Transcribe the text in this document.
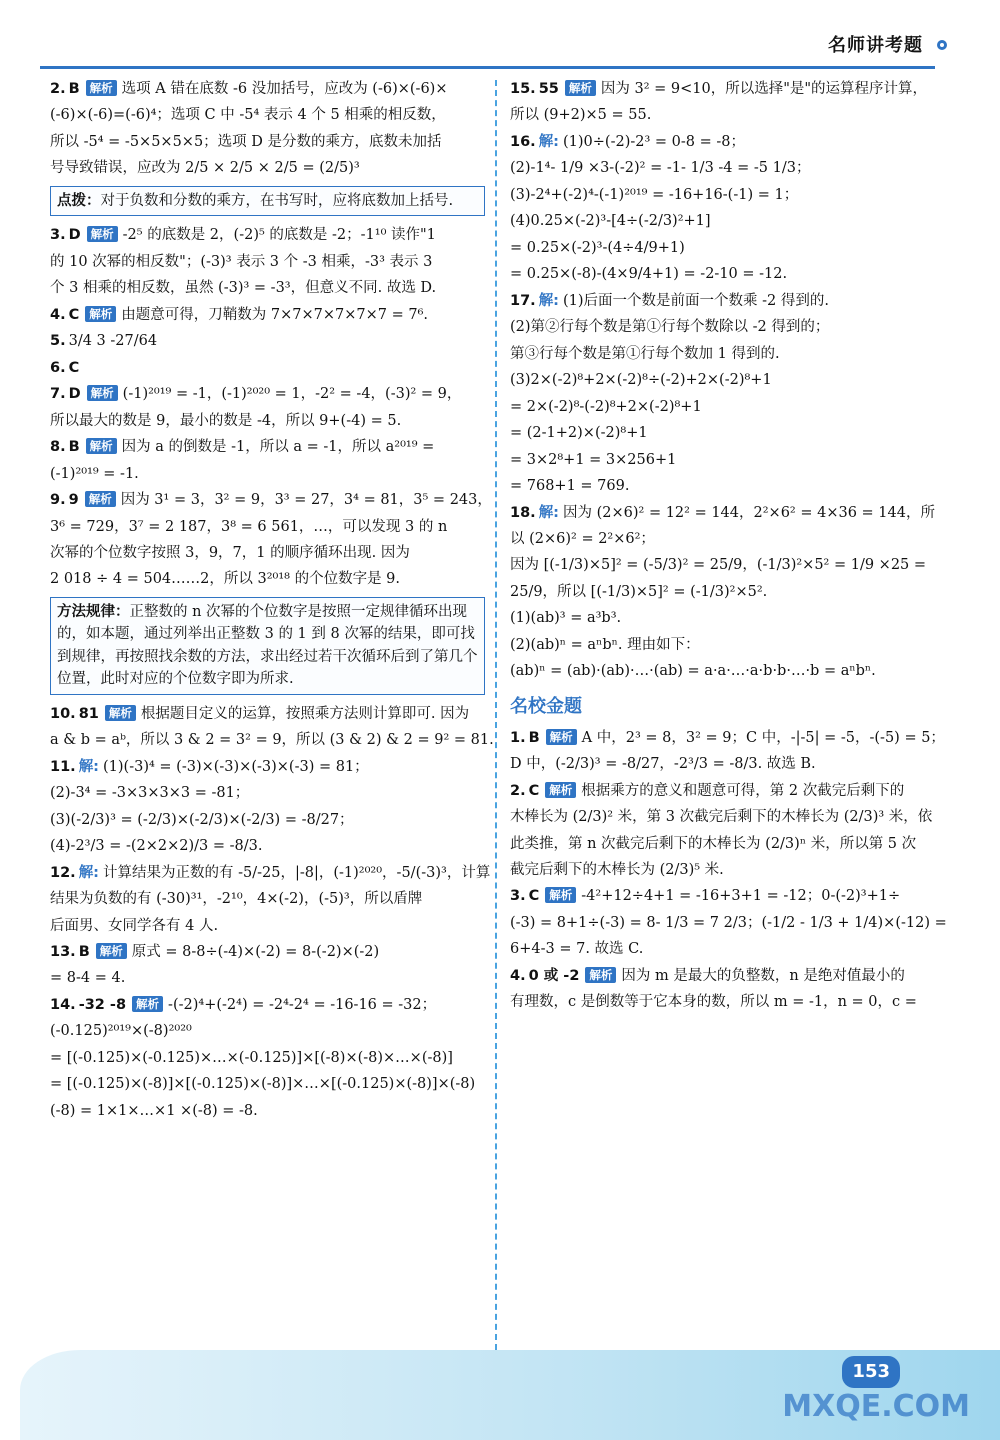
名师讲考题
2. B 解析 选项 A 错在底数 -6 没加括号，应改为 (-6)×(-6)×
(-6)×(-6)=(-6)⁴；选项 C 中 -5⁴ 表示 4 个 5 相乘的相反数，
所以 -5⁴ = -5×5×5×5；选项 D 是分数的乘方，底数未加括
号导致错误，应改为 2/5 × 2/5 × 2/5 = (2/5)³
点拨：对于负数和分数的乘方，在书写时，应将底数加上括号.
3. D 解析 -2⁵ 的底数是 2，(-2)⁵ 的底数是 -2；-1¹⁰ 读作"1
的 10 次幂的相反数"；(-3)³ 表示 3 个 -3 相乘，-3³ 表示 3
个 3 相乘的相反数，虽然 (-3)³ = -3³，但意义不同. 故选 D.
4. C 解析 由题意可得，刀鞘数为 7×7×7×7×7×7 = 7⁶.
5. 3/4 3 -27/64
6. C
7. D 解析 (-1)²⁰¹⁹ = -1，(-1)²⁰²⁰ = 1，-2² = -4，(-3)² = 9，
所以最大的数是 9，最小的数是 -4，所以 9+(-4) = 5.
8. B 解析 因为 a 的倒数是 -1，所以 a = -1，所以 a²⁰¹⁹ =
(-1)²⁰¹⁹ = -1.
9. 9 解析 因为 3¹ = 3，3² = 9，3³ = 27，3⁴ = 81，3⁵ = 243，
3⁶ = 729，3⁷ = 2 187，3⁸ = 6 561，…，可以发现 3 的 n
次幂的个位数字按照 3，9，7，1 的顺序循环出现. 因为
2 018 ÷ 4 = 504……2，所以 3²⁰¹⁸ 的个位数字是 9.
方法规律：正整数的 n 次幂的个位数字是按照一定规律循环出现的，如本题，通过列举出正整数 3 的 1 到 8 次幂的结果，即可找到规律，再按照找余数的方法，求出经过若干次循环后到了第几个位置，此时对应的个位数字即为所求.
10. 81 解析 根据题目定义的运算，按照乘方法则计算即可. 因为
a & b = aᵇ，所以 3 & 2 = 3² = 9，所以 (3 & 2) & 2 = 9² = 81.
11. 解: (1)(-3)⁴ = (-3)×(-3)×(-3)×(-3) = 81；
(2)-3⁴ = -3×3×3×3 = -81；
(3)(-2/3)³ = (-2/3)×(-2/3)×(-2/3) = -8/27；
(4)-2³/3 = -(2×2×2)/3 = -8/3.
12. 解: 计算结果为正数的有 -5/-25，|-8|，(-1)²⁰²⁰，-5/(-3)³，计算
结果为负数的有 (-30)³¹，-2¹⁰，4×(-2)，(-5)³，所以盾牌
后面男、女同学各有 4 人.
13. B 解析 原式 = 8-8÷(-4)×(-2) = 8-(-2)×(-2)
= 8-4 = 4.
14. -32 -8 解析 -(-2)⁴+(-2⁴) = -2⁴-2⁴ = -16-16 = -32；
(-0.125)²⁰¹⁹×(-8)²⁰²⁰
= [(-0.125)×(-0.125)×…×(-0.125)]×[(-8)×(-8)×…×(-8)]
= [(-0.125)×(-8)]×[(-0.125)×(-8)]×…×[(-0.125)×(-8)]×(-8)
(-8) = 1×1×…×1 ×(-8) = -8.
15. 55 解析 因为 3² = 9<10，所以选择"是"的运算程序计算，
所以 (9+2)×5 = 55.
16. 解: (1)0÷(-2)-2³ = 0-8 = -8；
(2)-1⁴- 1/9 ×3-(-2)² = -1- 1/3 -4 = -5 1/3；
(3)-2⁴+(-2)⁴-(-1)²⁰¹⁹ = -16+16-(-1) = 1；
(4)0.25×(-2)³-[4÷(-2/3)²+1]
= 0.25×(-2)³-(4÷4/9+1)
= 0.25×(-8)-(4×9/4+1) = -2-10 = -12.
17. 解: (1)后面一个数是前面一个数乘 -2 得到的.
(2)第②行每个数是第①行每个数除以 -2 得到的；
第③行每个数是第①行每个数加 1 得到的.
(3)2×(-2)⁸+2×(-2)⁸÷(-2)+2×(-2)⁸+1
= 2×(-2)⁸-(-2)⁸+2×(-2)⁸+1
= (2-1+2)×(-2)⁸+1
= 3×2⁸+1 = 3×256+1
= 768+1 = 769.
18. 解: 因为 (2×6)² = 12² = 144，2²×6² = 4×36 = 144，所
以 (2×6)² = 2²×6²；
因为 [(-1/3)×5]² = (-5/3)² = 25/9，(-1/3)²×5² = 1/9 ×25 =
25/9，所以 [(-1/3)×5]² = (-1/3)²×5².
(1)(ab)³ = a³b³.
(2)(ab)ⁿ = aⁿbⁿ. 理由如下：
(ab)ⁿ = (ab)·(ab)·…·(ab) = a·a·…·a·b·b·…·b = aⁿbⁿ.
名校金题
1. B 解析 A 中，2³ = 8，3² = 9；C 中，-|-5| = -5，-(-5) = 5；
D 中，(-2/3)³ = -8/27，-2³/3 = -8/3. 故选 B.
2. C 解析 根据乘方的意义和题意可得，第 2 次截完后剩下的
木棒长为 (2/3)² 米，第 3 次截完后剩下的木棒长为 (2/3)³ 米，依
此类推，第 n 次截完后剩下的木棒长为 (2/3)ⁿ 米，所以第 5 次
截完后剩下的木棒长为 (2/3)⁵ 米.
3. C 解析 -4²+12÷4+1 = -16+3+1 = -12；0-(-2)³+1÷
(-3) = 8+1÷(-3) = 8- 1/3 = 7 2/3；(-1/2 - 1/3 + 1/4)×(-12) =
6+4-3 = 7. 故选 C.
4. 0 或 -2 解析 因为 m 是最大的负整数，n 是绝对值最小的
有理数，c 是倒数等于它本身的数，所以 m = -1，n = 0，c =
153
MXQE.COM
